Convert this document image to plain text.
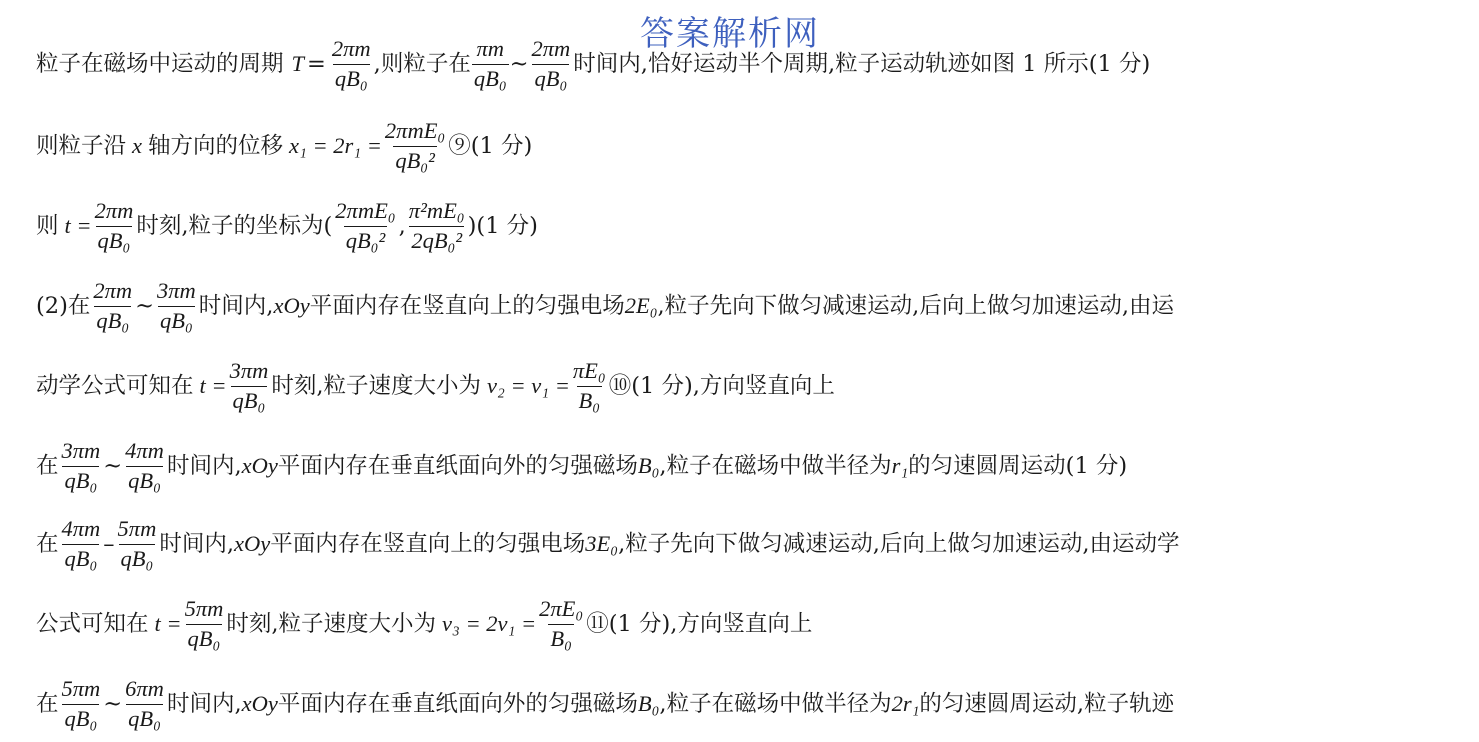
答案解析网
粒子在磁场中运动的周期 $T = \frac{2\pi m}{\text{qB₀}}$ ,则粒子在 $\frac{\pi m}{\text{qB₀}}$ ~ $\frac{2\pi m}{\text{qB₀}}$ 时间内,恰好运动半个周期,粒子运动轨迹如图 1 所示(1 分)
则粒子沿 x 轴方向的位移 $x_1 = 2r_1 = \frac{\text{2πmE₀}}{\text{qB₀²}}$ ⑨(1 分)
则 $t = \frac{2\pi m}{\text{qB₀}}$ 时刻,粒子的坐标为( $\frac{\text{2πmE₀}}{\text{qB₀²}}$ , $\frac{\text{π²mE₀}}{\text{2qB₀²}} )(1$ 分)
(2)在 $\frac{2\pi m}{\text{qB₀}}$ ~ $\frac{3\pi m}{\text{qB₀}}$ 时间内, xOy 平面内存在竖直向上的匀强电场 2E₀ ,粒子先向下做匀减速运动,后向上做匀加速运动,由运
动学公式可知在 $t = \frac{3\pi m}{\text{qB₀}}$ 时刻,粒子速度大小为 $v_2 = v_1 = \frac{\text{πE₀}}{\text{B₀}}$ ⑩(1 分),方向竖直向上
在 $\frac{3\pi m}{\text{qB₀}}$ ~ $\frac{4\pi m}{\text{qB₀}}$ 时间内, xOy 平面内存在垂直纸面向外的匀强磁场 B₀ ,粒子在磁场中做半径为 r₁ 的匀速圆周运动(1 分)
在 $\frac{4\pi m}{\text{qB₀}} - \frac{5\pi m}{\text{qB₀}}$ 时间内, xOy 平面内存在竖直向上的匀强电场 3E₀ ,粒子先向下做匀减速运动,后向上做匀加速运动,由运动学
公式可知在 $t = \frac{5\pi m}{\text{qB₀}}$ 时刻,粒子速度大小为 $v_3 = 2v_1 = \frac{\text{2πE₀}}{\text{B₀}}$ ⑪(1 分),方向竖直向上
在 $\frac{5\pi m}{\text{qB₀}}$ ~ $\frac{6\pi m}{\text{qB₀}}$ 时间内, xOy 平面内存在垂直纸面向外的匀强磁场 B₀ ,粒子在磁场中做半径为 2r₁ 的匀速圆周运动,粒子轨迹
